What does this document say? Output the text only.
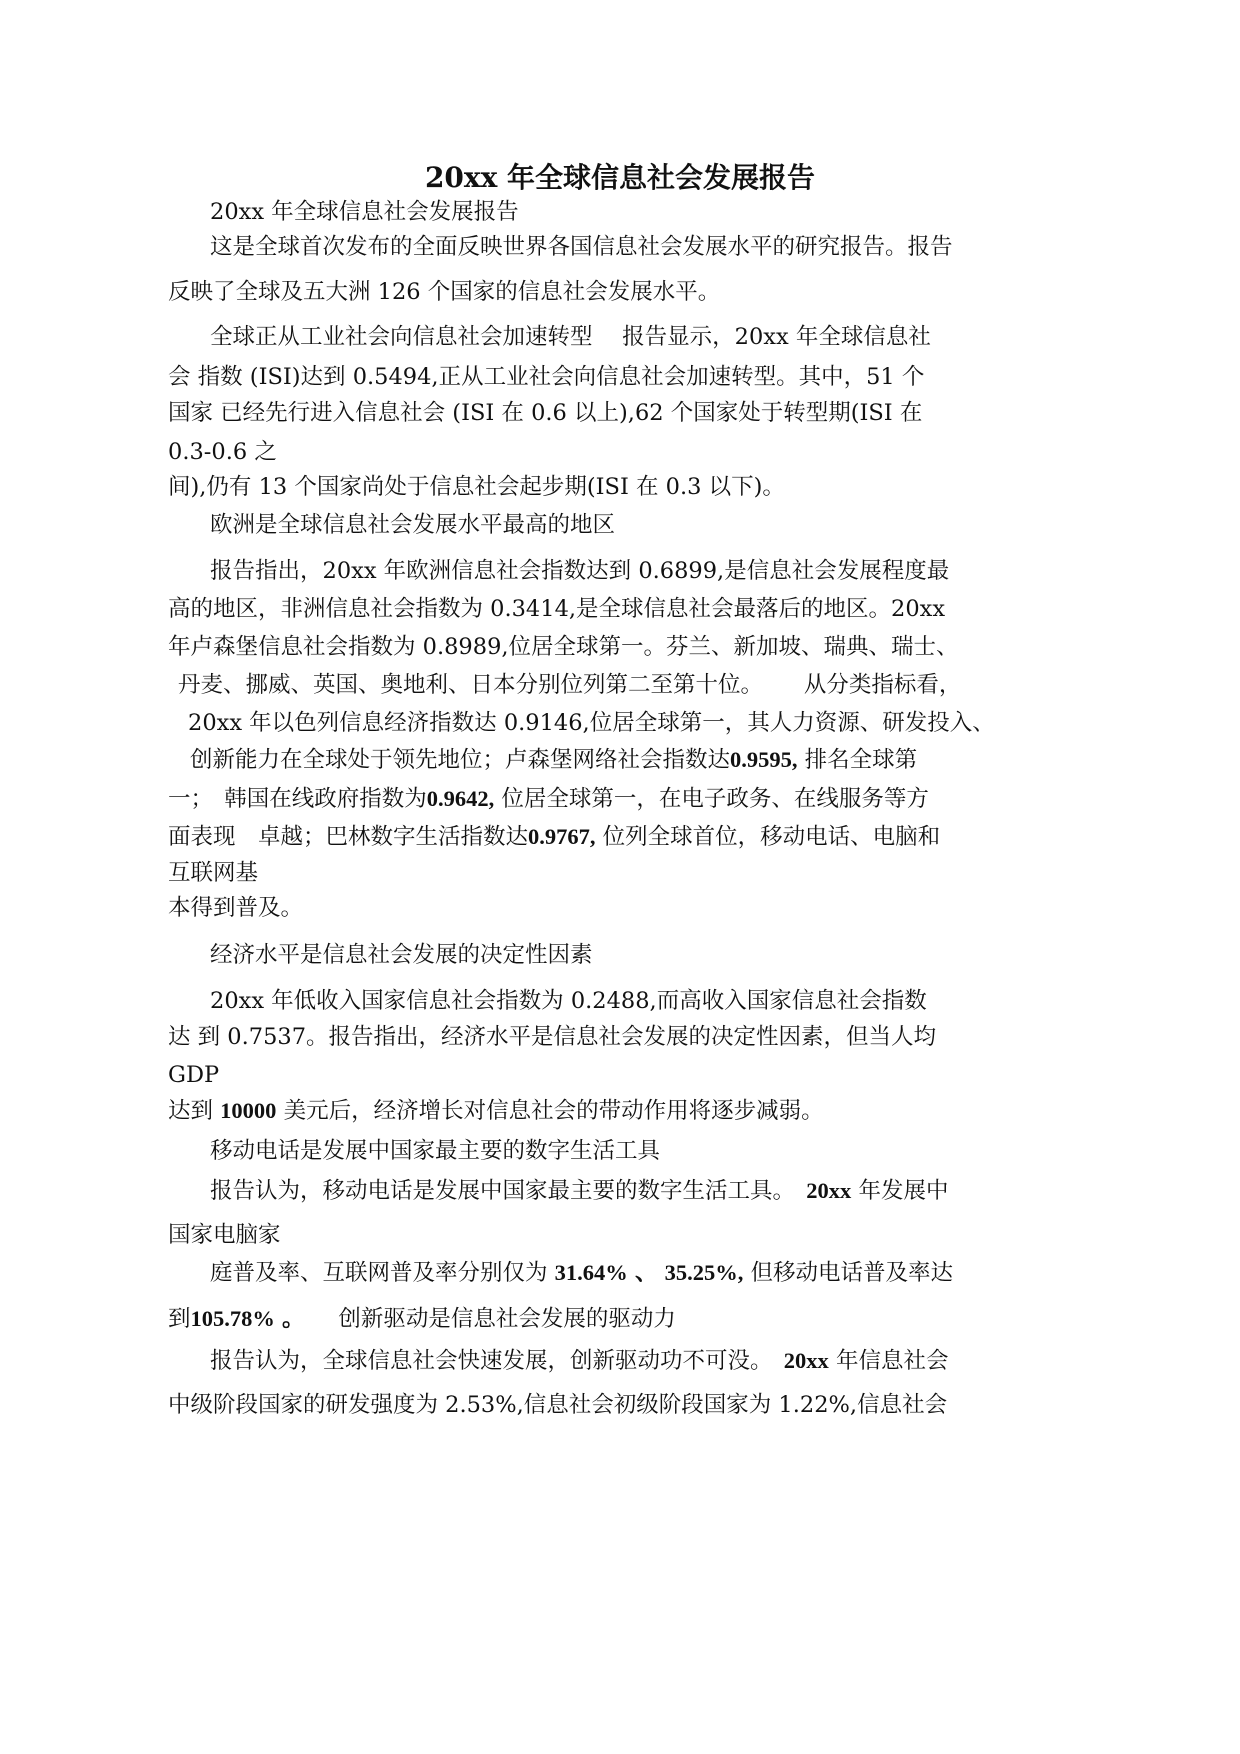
20xx 年全球信息社会发展报告
20xx 年全球信息社会发展报告
这是全球首次发布的全面反映世界各国信息社会发展水平的研究报告。报告
反映了全球及五大洲 126 个国家的信息社会发展水平。
全球正从工业社会向信息社会加速转型　 报告显示，20xx 年全球信息社
会 指数 (ISI)达到 0.5494,正从工业社会向信息社会加速转型。其中，51 个
国家 已经先行进入信息社会 (ISI 在 0.6 以上),62 个国家处于转型期(ISI 在
0.3-0.6 之
间),仍有 13 个国家尚处于信息社会起步期(ISI 在 0.3 以下)。
欧洲是全球信息社会发展水平最高的地区
报告指出，20xx 年欧洲信息社会指数达到 0.6899,是信息社会发展程度最
高的地区，非洲信息社会指数为 0.3414,是全球信息社会最落后的地区。20xx
年卢森堡信息社会指数为 0.8989,位居全球第一。芬兰、新加坡、瑞典、瑞士、
丹麦、挪威、英国、奥地利、日本分别位列第二至第十位。　　 从分类指标看，
20xx 年以色列信息经济指数达 0.9146,位居全球第一，其人力资源、研发投入、
创新能力在全球处于领先地位；卢森堡网络社会指数达0.9595, 排名全球第
一；　韩国在线政府指数为0.9642, 位居全球第一，在电子政务、在线服务等方
面表现　卓越；巴林数字生活指数达0.9767, 位列全球首位，移动电话、电脑和
互联网基
本得到普及。
经济水平是信息社会发展的决定性因素
20xx 年低收入国家信息社会指数为 0.2488,而高收入国家信息社会指数
达 到 0.7537。报告指出，经济水平是信息社会发展的决定性因素，但当人均
GDP
达到 10000 美元后，经济增长对信息社会的带动作用将逐步减弱。
移动电话是发展中国家最主要的数字生活工具
报告认为，移动电话是发展中国家最主要的数字生活工具。　 20xx 年发展中
国家电脑家
庭普及率、互联网普及率分别仅为 31.64% 、 35.25%, 但移动电话普及率达
到105.78% 。　　 创新驱动是信息社会发展的驱动力
报告认为，全球信息社会快速发展，创新驱动功不可没。　 20xx 年信息社会
中级阶段国家的研发强度为 2.53%,信息社会初级阶段国家为 1.22%,信息社会
